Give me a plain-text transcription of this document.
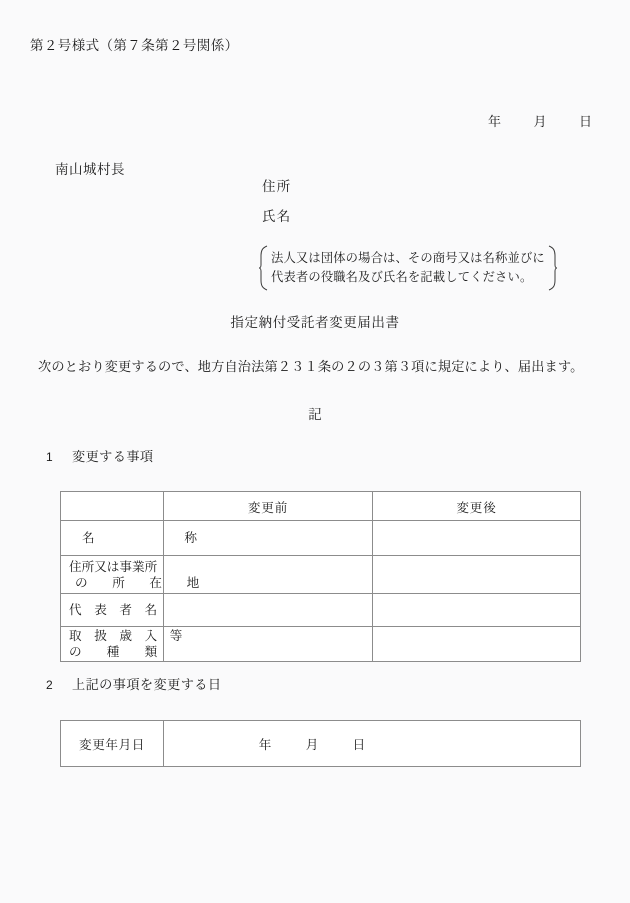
第２号様式（第７条第２号関係）
年	月	日
南山城村長
住所
氏名
法人又は団体の場合は、その商号又は名称並びに
代表者の役職名及び氏名を記載してください。
指定納付受託者変更届出書
次のとおり変更するので、地方自治法第２３１条の２の３第３項に規定により、届出ます。
記
1 変更する事項
	変更前	変更後

名　　　称		

住所又は事業所
の　所　在　地		

代　表　者　名		

取　扱　歳　入　等
の　　種　　類		

2 上記の事項を変更する日
変更年月日	年	月	日
